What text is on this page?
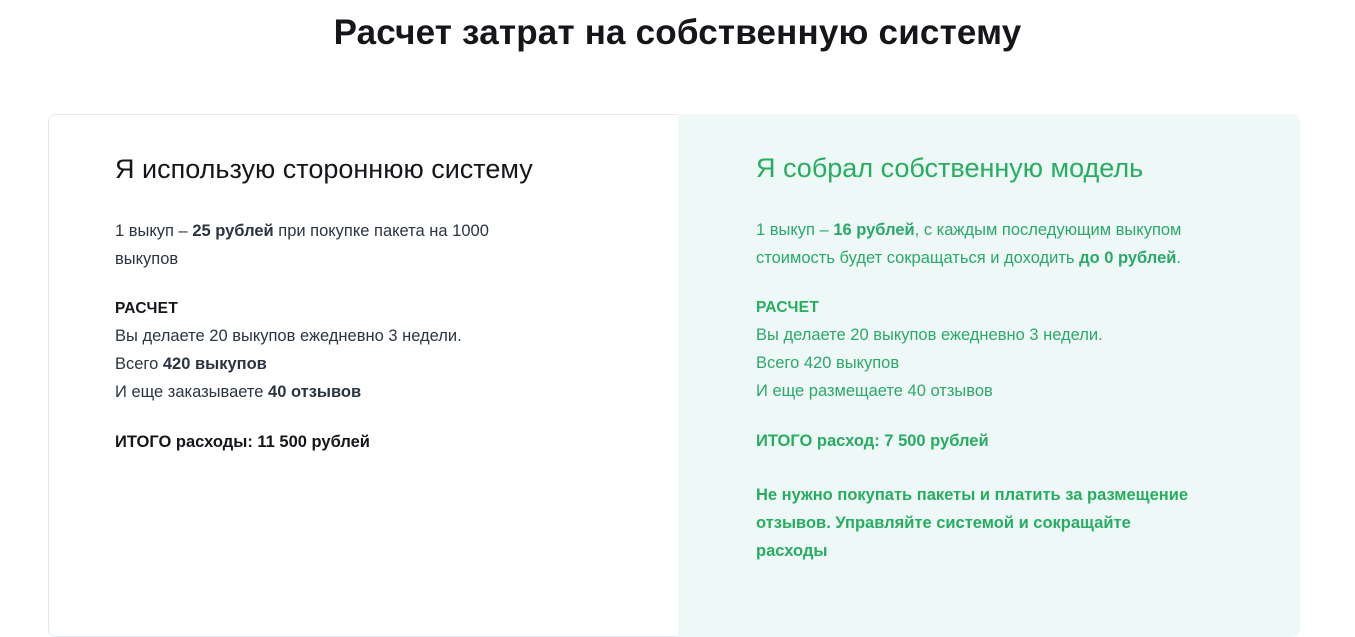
Расчет затрат на собственную систему
Я использую стороннюю систему

1 выкуп – 25 рублей при покупке пакета на 1000 выкупов

РАСЧЕТ

Вы делаете 20 выкупов ежедневно 3 недели.
Всего 420 выкупов
И еще заказываете 40 отзывов

ИТОГО расходы: 11 500 рублей

Я собрал собственную модель

1 выкуп – 16 рублей, с каждым последующим выкупом стоимость будет сокращаться и доходить до 0 рублей.

РАСЧЕТ

Вы делаете 20 выкупов ежедневно 3 недели.
Всего 420 выкупов
И еще размещаете 40 отзывов

ИТОГО расход: 7 500 рублей

Не нужно покупать пакеты и платить за размещение отзывов. Управляйте системой и сокращайте расходы
